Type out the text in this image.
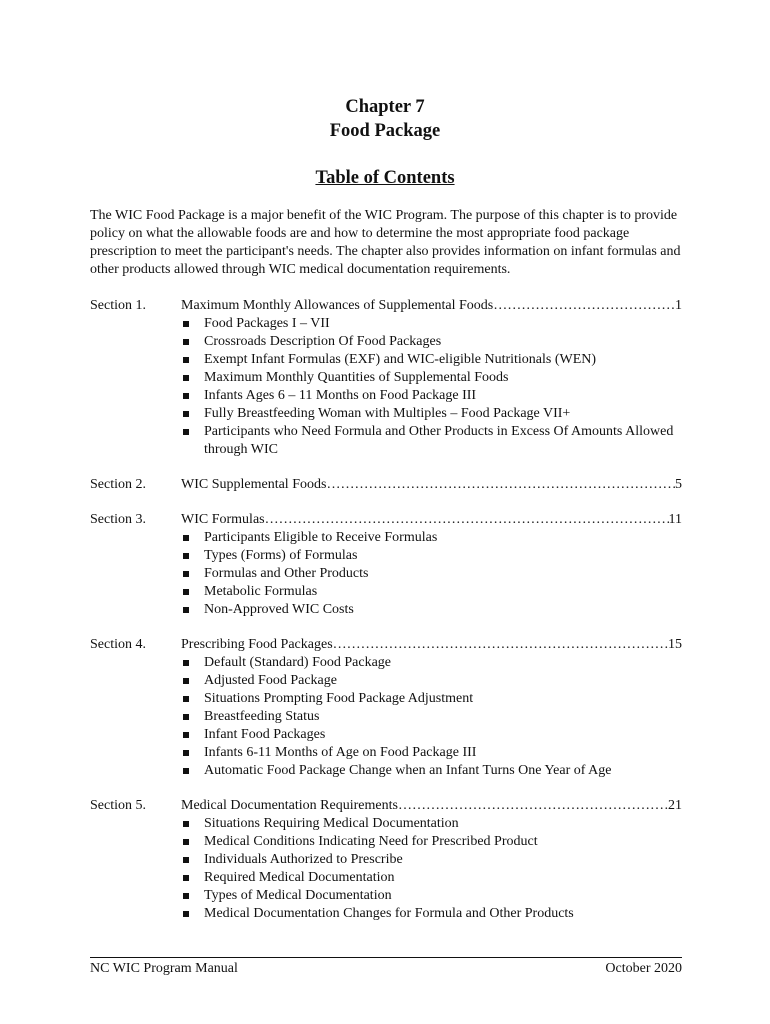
Chapter 7
Food Package
Table of Contents

The WIC Food Package is a major benefit of the WIC Program. The purpose of this chapter is to provide policy on what the allowable foods are and how to determine the most appropriate food package prescription to meet the participant's needs. The chapter also provides information on infant formulas and other products allowed through WIC medical documentation requirements.

Section 1.	Maximum Monthly Allowances of Supplemental Foods …………………………………………………………………………………………………………………………	1
Food Packages I – VII
Crossroads Description Of Food Packages
Exempt Infant Formulas (EXF) and WIC-eligible Nutritionals (WEN)
Maximum Monthly Quantities of Supplemental Foods
Infants Ages 6 – 11 Months on Food Package III
Fully Breastfeeding Woman with Multiples – Food Package VII+
Participants who Need Formula and Other Products in Excess Of Amounts Allowed through WIC
Section 2.	WIC Supplemental Foods …………………………………………………………………………………………………………………………	5
Section 3.	WIC Formulas …………………………………………………………………………………………………………………………	11
Participants Eligible to Receive Formulas
Types (Forms) of Formulas
Formulas and Other Products
Metabolic Formulas
Non-Approved WIC Costs
Section 4.	Prescribing Food Packages …………………………………………………………………………………………………………………………	15
Default (Standard) Food Package
Adjusted Food Package
Situations Prompting Food Package Adjustment
Breastfeeding Status
Infant Food Packages
Infants 6-11 Months of Age on Food Package III
Automatic Food Package Change when an Infant Turns One Year of Age
Section 5.	Medical Documentation Requirements …………………………………………………………………………………………………………………………	21
Situations Requiring Medical Documentation
Medical Conditions Indicating Need for Prescribed Product
Individuals Authorized to Prescribe
Required Medical Documentation
Types of Medical Documentation
Medical Documentation Changes for Formula and Other Products
NC WIC Program Manual	October 2020
